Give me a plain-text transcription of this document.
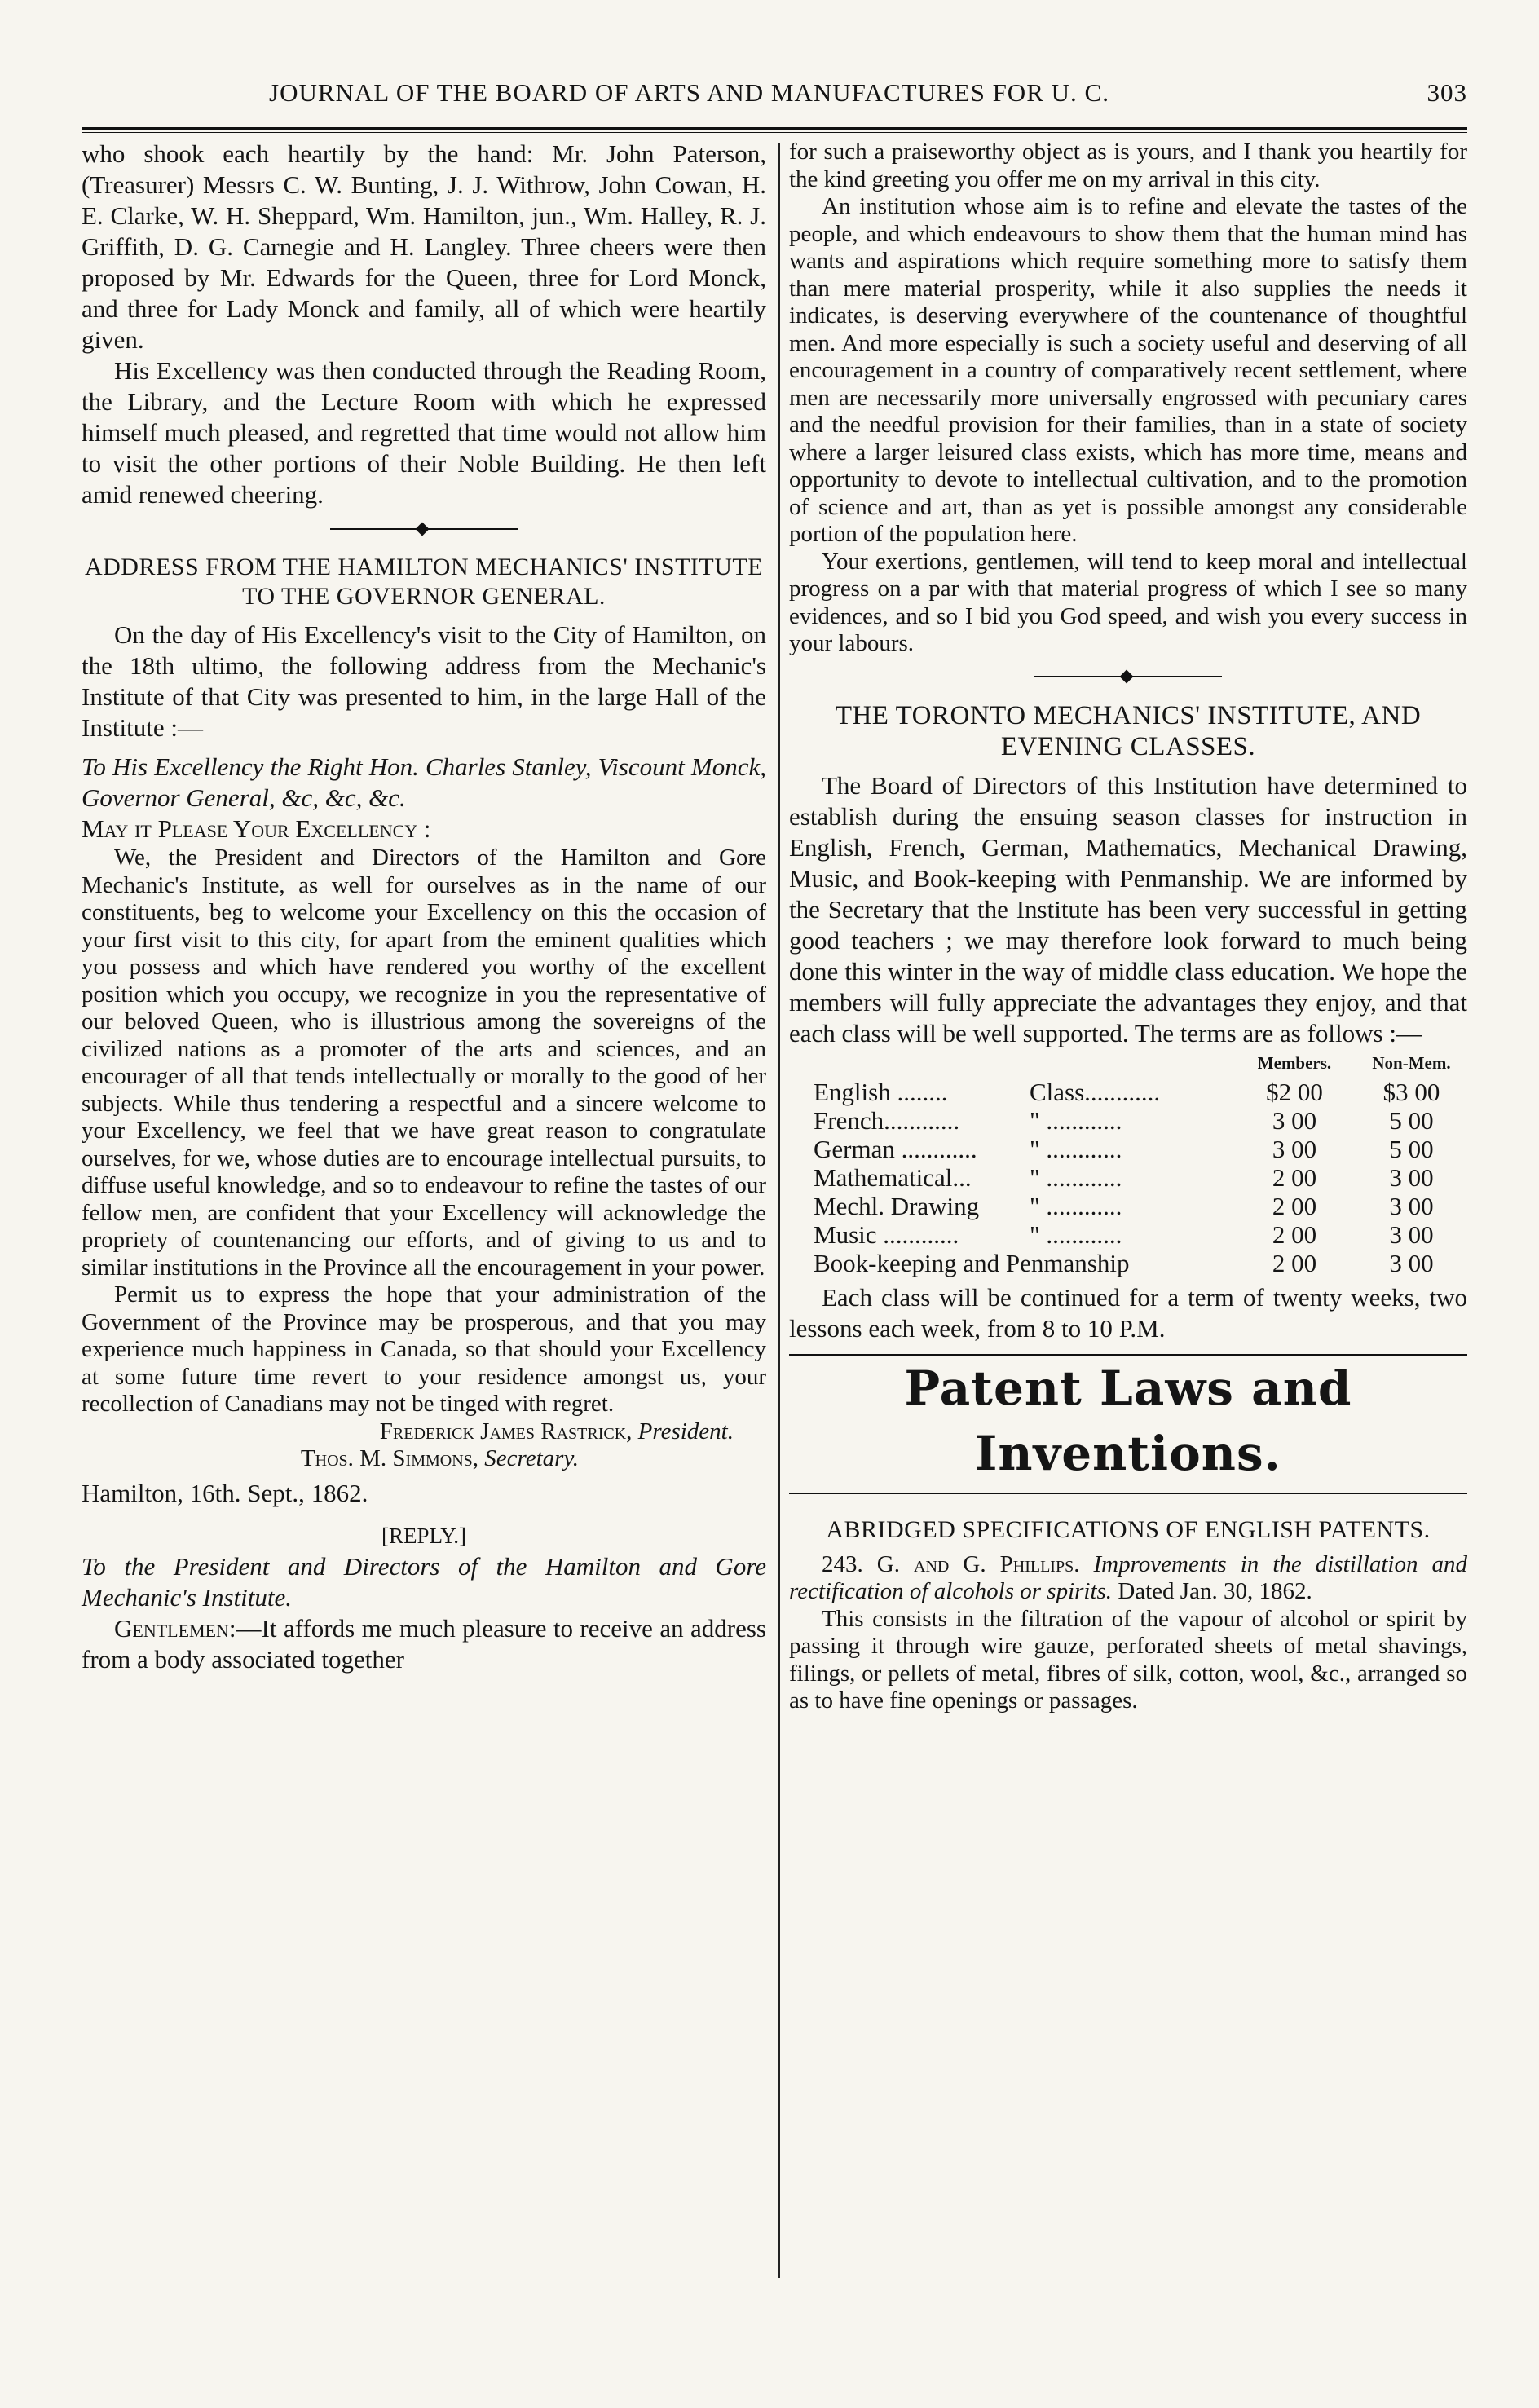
JOURNAL OF THE BOARD OF ARTS AND MANUFACTURES FOR U. C.	303

who shook each heartily by the hand: Mr. John Paterson, (Treasurer) Messrs C. W. Bunting, J. J. Withrow, John Cowan, H. E. Clarke, W. H. Sheppard, Wm. Hamilton, jun., Wm. Halley, R. J. Griffith, D. G. Carnegie and H. Langley. Three cheers were then proposed by Mr. Edwards for the Queen, three for Lord Monck, and three for Lady Monck and family, all of which were heartily given.

His Excellency was then conducted through the Reading Room, the Library, and the Lecture Room with which he expressed himself much pleased, and regretted that time would not allow him to visit the other portions of their Noble Building. He then left amid renewed cheering.

ADDRESS FROM THE HAMILTON MECHANICS' INSTITUTE TO THE GOVERNOR GENERAL.

On the day of His Excellency's visit to the City of Hamilton, on the 18th ultimo, the following address from the Mechanic's Institute of that City was presented to him, in the large Hall of the Institute :—

To His Excellency the Right Hon. Charles Stanley, Viscount Monck, Governor General, &c, &c, &c.

May it Please Your Excellency :

We, the President and Directors of the Hamilton and Gore Mechanic's Institute, as well for ourselves as in the name of our constituents, beg to welcome your Excellency on this the occasion of your first visit to this city, for apart from the eminent qualities which you possess and which have rendered you worthy of the excellent position which you occupy, we recognize in you the representative of our beloved Queen, who is illustrious among the sovereigns of the civilized nations as a promoter of the arts and sciences, and an encourager of all that tends intellectually or morally to the good of her subjects. While thus tendering a respectful and a sincere welcome to your Excellency, we feel that we have great reason to congratulate ourselves, for we, whose duties are to encourage intellectual pursuits, to diffuse useful knowledge, and so to endeavour to refine the tastes of our fellow men, are confident that your Excellency will acknowledge the propriety of countenancing our efforts, and of giving to us and to similar institutions in the Province all the encouragement in your power.

Permit us to express the hope that your administration of the Government of the Province may be prosperous, and that you may experience much happiness in Canada, so that should your Excellency at some future time revert to your residence amongst us, your recollection of Canadians may not be tinged with regret.

Frederick James Rastrick, President.

Thos. M. Simmons, Secretary.

Hamilton, 16th. Sept., 1862.

[REPLY.]

To the President and Directors of the Hamilton and Gore Mechanic's Institute.

Gentlemen:—It affords me much pleasure to receive an address from a body associated together

for such a praiseworthy object as is yours, and I thank you heartily for the kind greeting you offer me on my arrival in this city.

An institution whose aim is to refine and elevate the tastes of the people, and which endeavours to show them that the human mind has wants and aspirations which require something more to satisfy them than mere material prosperity, while it also supplies the needs it indicates, is deserving everywhere of the countenance of thoughtful men. And more especially is such a society useful and deserving of all encouragement in a country of comparatively recent settlement, where men are necessarily more universally engrossed with pecuniary cares and the needful provision for their families, than in a state of society where a larger leisured class exists, which has more time, means and opportunity to devote to intellectual cultivation, and to the promotion of science and art, than as yet is possible amongst any considerable portion of the population here.

Your exertions, gentlemen, will tend to keep moral and intellectual progress on a par with that material progress of which I see so many evidences, and so I bid you God speed, and wish you every success in your labours.

THE TORONTO MECHANICS' INSTITUTE, AND EVENING CLASSES.

The Board of Directors of this Institution have determined to establish during the ensuing season classes for instruction in English, French, German, Mathematics, Mechanical Drawing, Music, and Book-keeping with Penmanship. We are informed by the Secretary that the Institute has been very successful in getting good teachers ; we may therefore look forward to much being done this winter in the way of middle class education. We hope the members will fully appreciate the advantages they enjoy, and that each class will be well supported. The terms are as follows :—

		Members.	Non-Mem.
English ........	Class............	$2 00	$3 00
French............	" ............	3 00	5 00
German ............	" ............	3 00	5 00
Mathematical...	" ............	2 00	3 00
Mechl. Drawing	" ............	2 00	3 00
Music ............	" ............	2 00	3 00
Book-keeping and Penmanship		2 00	3 00

Each class will be continued for a term of twenty weeks, two lessons each week, from 8 to 10 P.M.

Patent Laws and Inventions.

ABRIDGED SPECIFICATIONS OF ENGLISH PATENTS.

243. G. and G. Phillips. Improvements in the distillation and rectification of alcohols or spirits. Dated Jan. 30, 1862.

This consists in the filtration of the vapour of alcohol or spirit by passing it through wire gauze, perforated sheets of metal shavings, filings, or pellets of metal, fibres of silk, cotton, wool, &c., arranged so as to have fine openings or passages.
